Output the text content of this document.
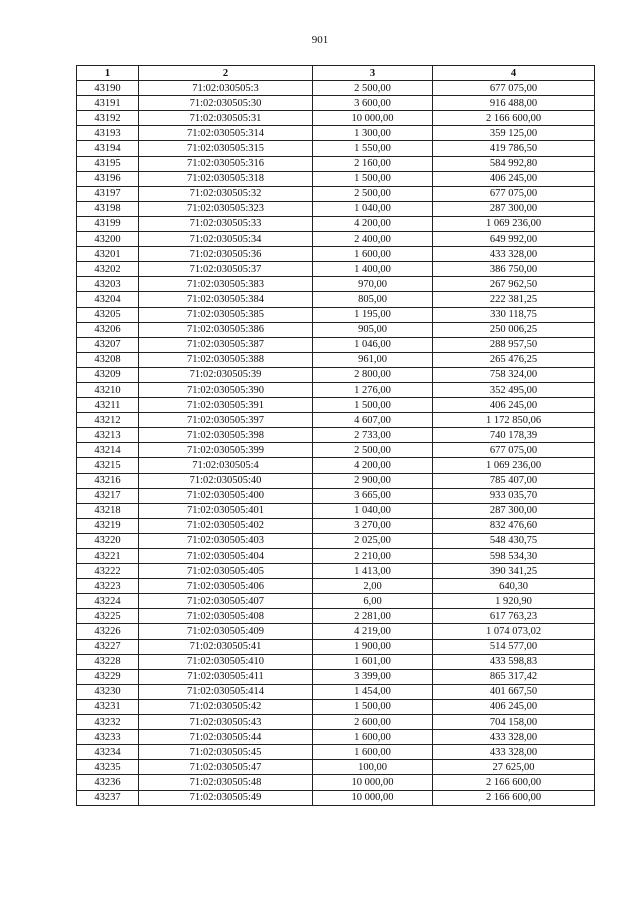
901
1	2	3	4
43190	71:02:030505:3	2 500,00	677 075,00
43191	71:02:030505:30	3 600,00	916 488,00
43192	71:02:030505:31	10 000,00	2 166 600,00
43193	71:02:030505:314	1 300,00	359 125,00
43194	71:02:030505:315	1 550,00	419 786,50
43195	71:02:030505:316	2 160,00	584 992,80
43196	71:02:030505:318	1 500,00	406 245,00
43197	71:02:030505:32	2 500,00	677 075,00
43198	71:02:030505:323	1 040,00	287 300,00
43199	71:02:030505:33	4 200,00	1 069 236,00
43200	71:02:030505:34	2 400,00	649 992,00
43201	71:02:030505:36	1 600,00	433 328,00
43202	71:02:030505:37	1 400,00	386 750,00
43203	71:02:030505:383	970,00	267 962,50
43204	71:02:030505:384	805,00	222 381,25
43205	71:02:030505:385	1 195,00	330 118,75
43206	71:02:030505:386	905,00	250 006,25
43207	71:02:030505:387	1 046,00	288 957,50
43208	71:02:030505:388	961,00	265 476,25
43209	71:02:030505:39	2 800,00	758 324,00
43210	71:02:030505:390	1 276,00	352 495,00
43211	71:02:030505:391	1 500,00	406 245,00
43212	71:02:030505:397	4 607,00	1 172 850,06
43213	71:02:030505:398	2 733,00	740 178,39
43214	71:02:030505:399	2 500,00	677 075,00
43215	71:02:030505:4	4 200,00	1 069 236,00
43216	71:02:030505:40	2 900,00	785 407,00
43217	71:02:030505:400	3 665,00	933 035,70
43218	71:02:030505:401	1 040,00	287 300,00
43219	71:02:030505:402	3 270,00	832 476,60
43220	71:02:030505:403	2 025,00	548 430,75
43221	71:02:030505:404	2 210,00	598 534,30
43222	71:02:030505:405	1 413,00	390 341,25
43223	71:02:030505:406	2,00	640,30
43224	71:02:030505:407	6,00	1 920,90
43225	71:02:030505:408	2 281,00	617 763,23
43226	71:02:030505:409	4 219,00	1 074 073,02
43227	71:02:030505:41	1 900,00	514 577,00
43228	71:02:030505:410	1 601,00	433 598,83
43229	71:02:030505:411	3 399,00	865 317,42
43230	71:02:030505:414	1 454,00	401 667,50
43231	71:02:030505:42	1 500,00	406 245,00
43232	71:02:030505:43	2 600,00	704 158,00
43233	71:02:030505:44	1 600,00	433 328,00
43234	71:02:030505:45	1 600,00	433 328,00
43235	71:02:030505:47	100,00	27 625,00
43236	71:02:030505:48	10 000,00	2 166 600,00
43237	71:02:030505:49	10 000,00	2 166 600,00
